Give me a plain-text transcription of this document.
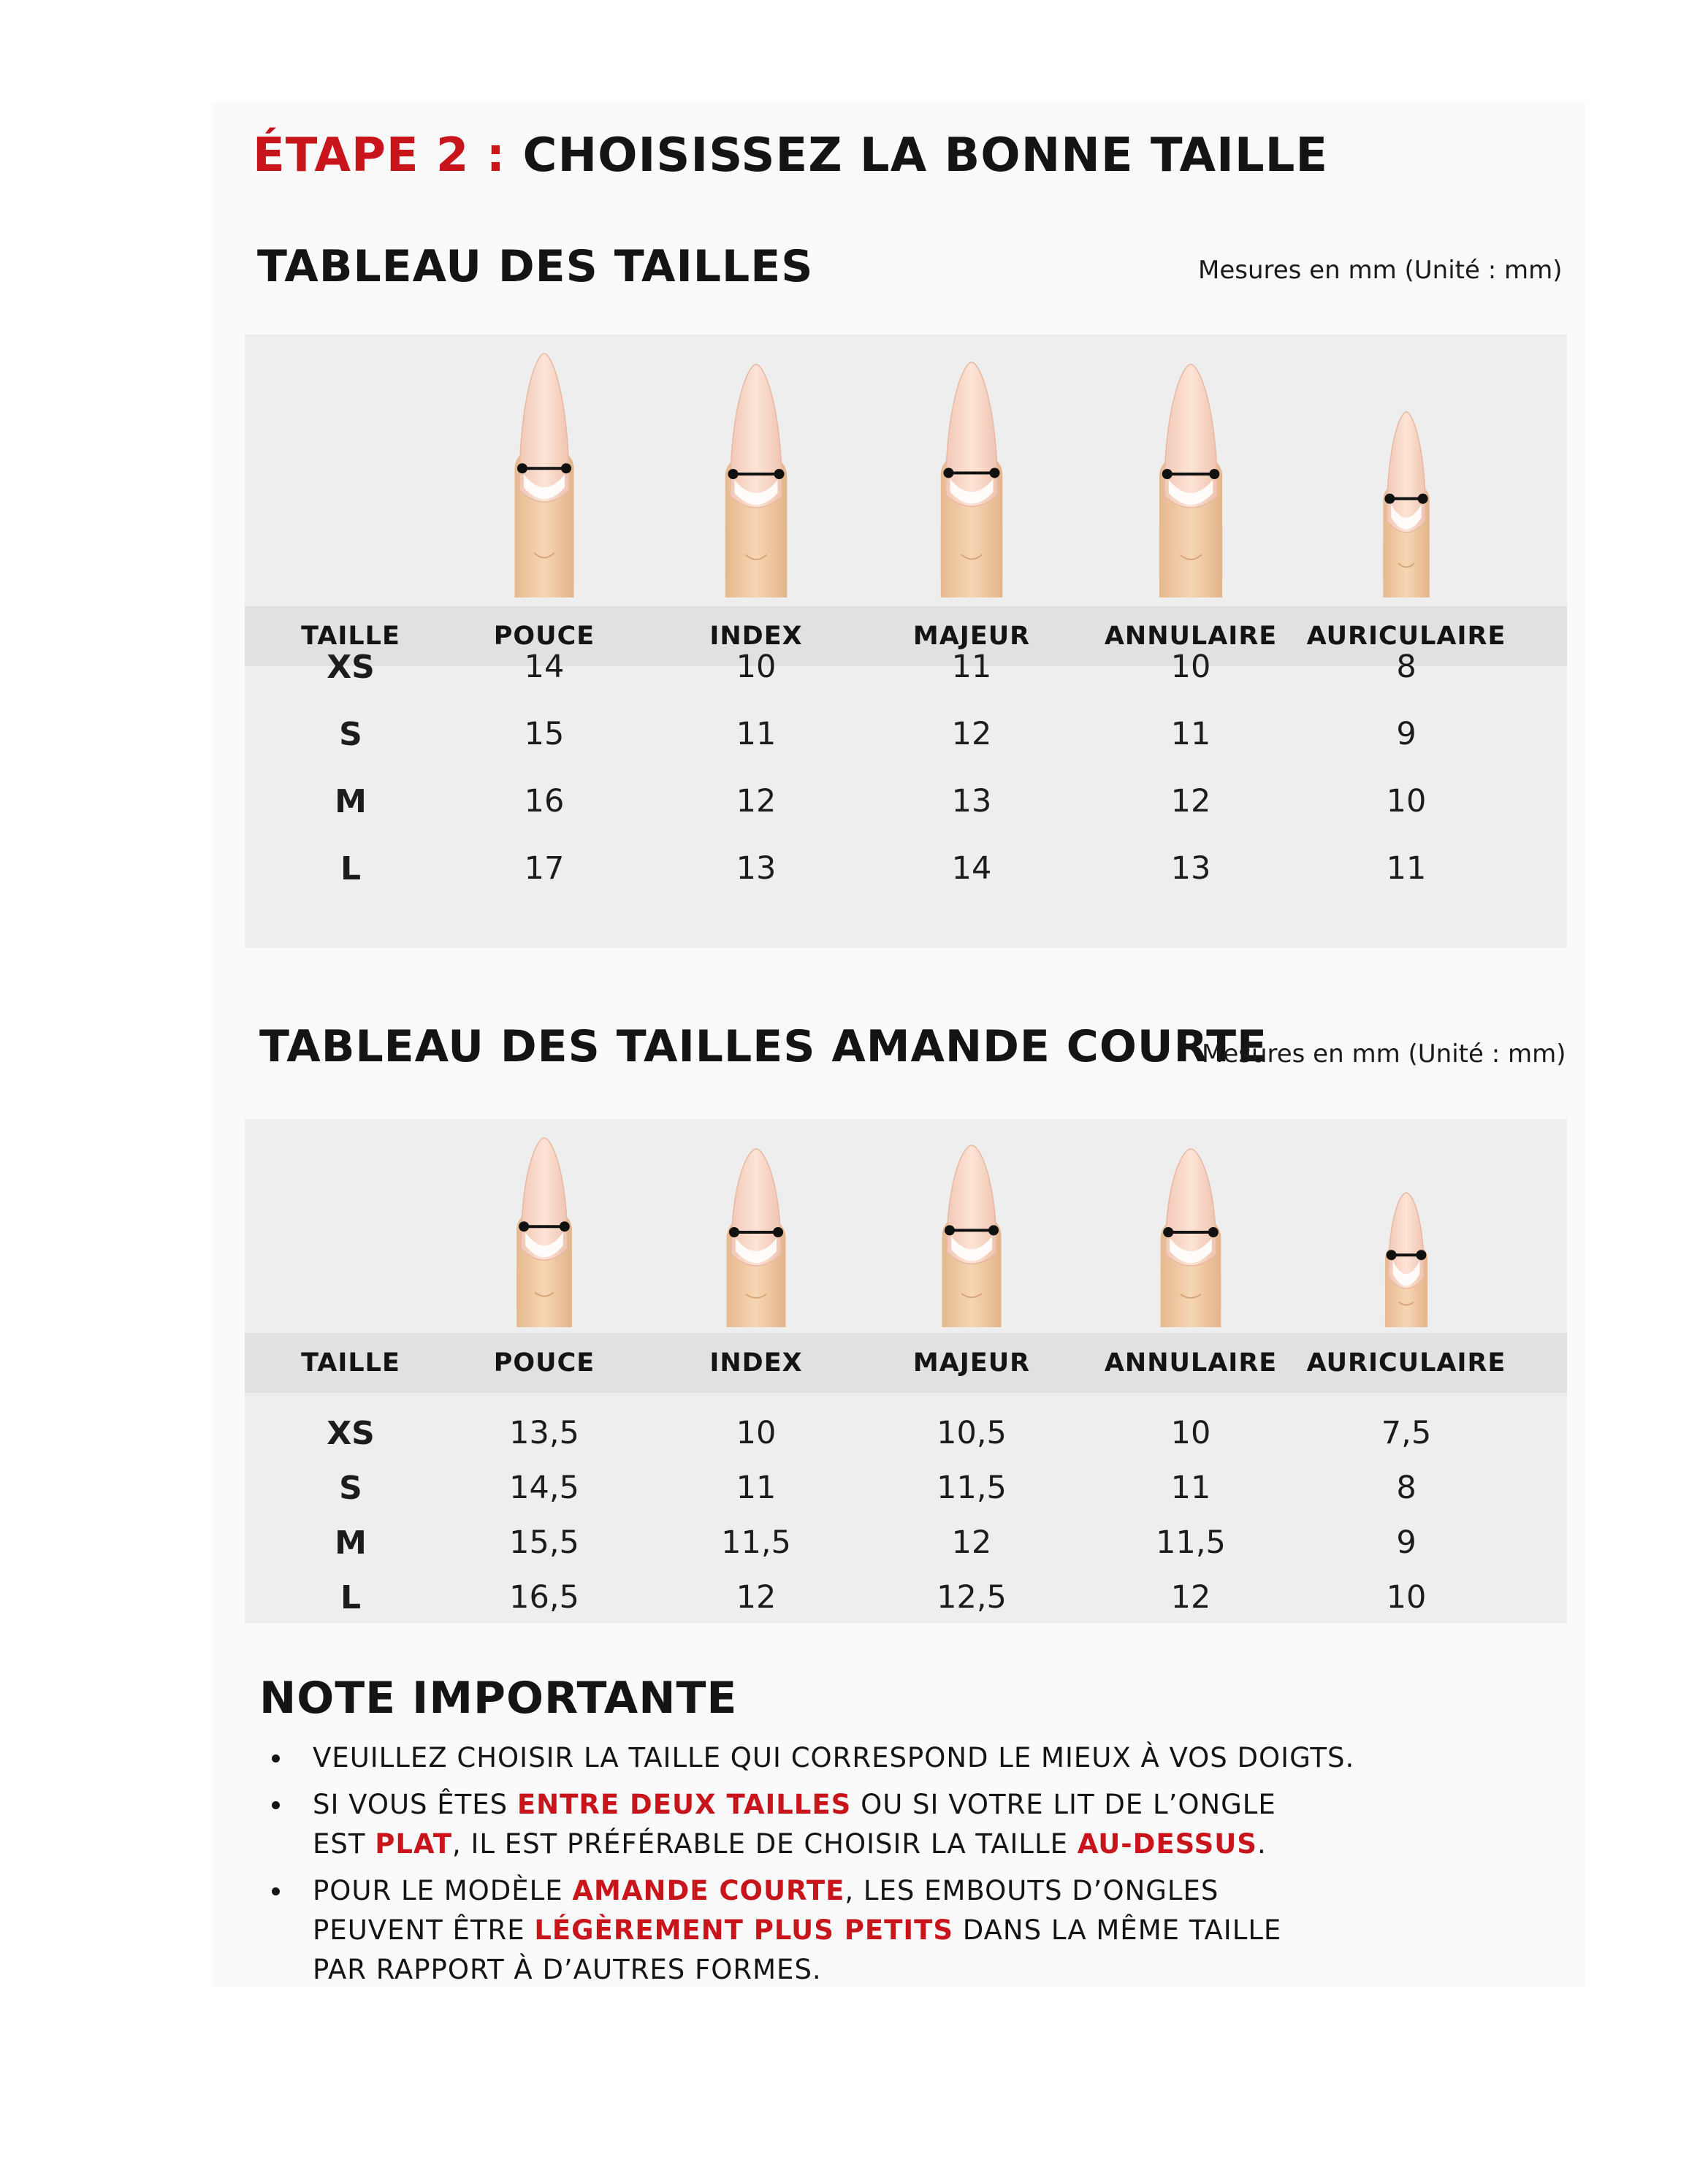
ÉTAPE 2 : CHOISISSEZ LA BONNE TAILLE
TABLEAU DES TAILLES	Mesures en mm (Unité : mm)
TAILLE	POUCE	INDEX	MAJEUR	ANNULAIRE	AURICULAIRE
XS	14	10	11	10	8
S	15	11	12	11	9
M	16	12	13	12	10
L	17	13	14	13	11
TABLEAU DES TAILLES AMANDE COURTE
Mesures en mm (Unité : mm)
TAILLE	POUCE	INDEX	MAJEUR	ANNULAIRE	AURICULAIRE
XS	13,5	10	10,5	10	7,5
S	14,5	11	11,5	11	8
M	15,5	11,5	12	11,5	9
L	16,5	12	12,5	12	10
NOTE IMPORTANTE
VEUILLEZ CHOISIR LA TAILLE QUI CORRESPOND LE MIEUX À VOS DOIGTS.
SI VOUS ÊTES ENTRE DEUX TAILLES OU SI VOTRE LIT DE L’ONGLE
EST PLAT, IL EST PRÉFÉRABLE DE CHOISIR LA TAILLE AU-DESSUS.
POUR LE MODÈLE AMANDE COURTE, LES EMBOUTS D’ONGLES
PEUVENT ÊTRE LÉGÈREMENT PLUS PETITS DANS LA MÊME TAILLE
PAR RAPPORT À D’AUTRES FORMES.
